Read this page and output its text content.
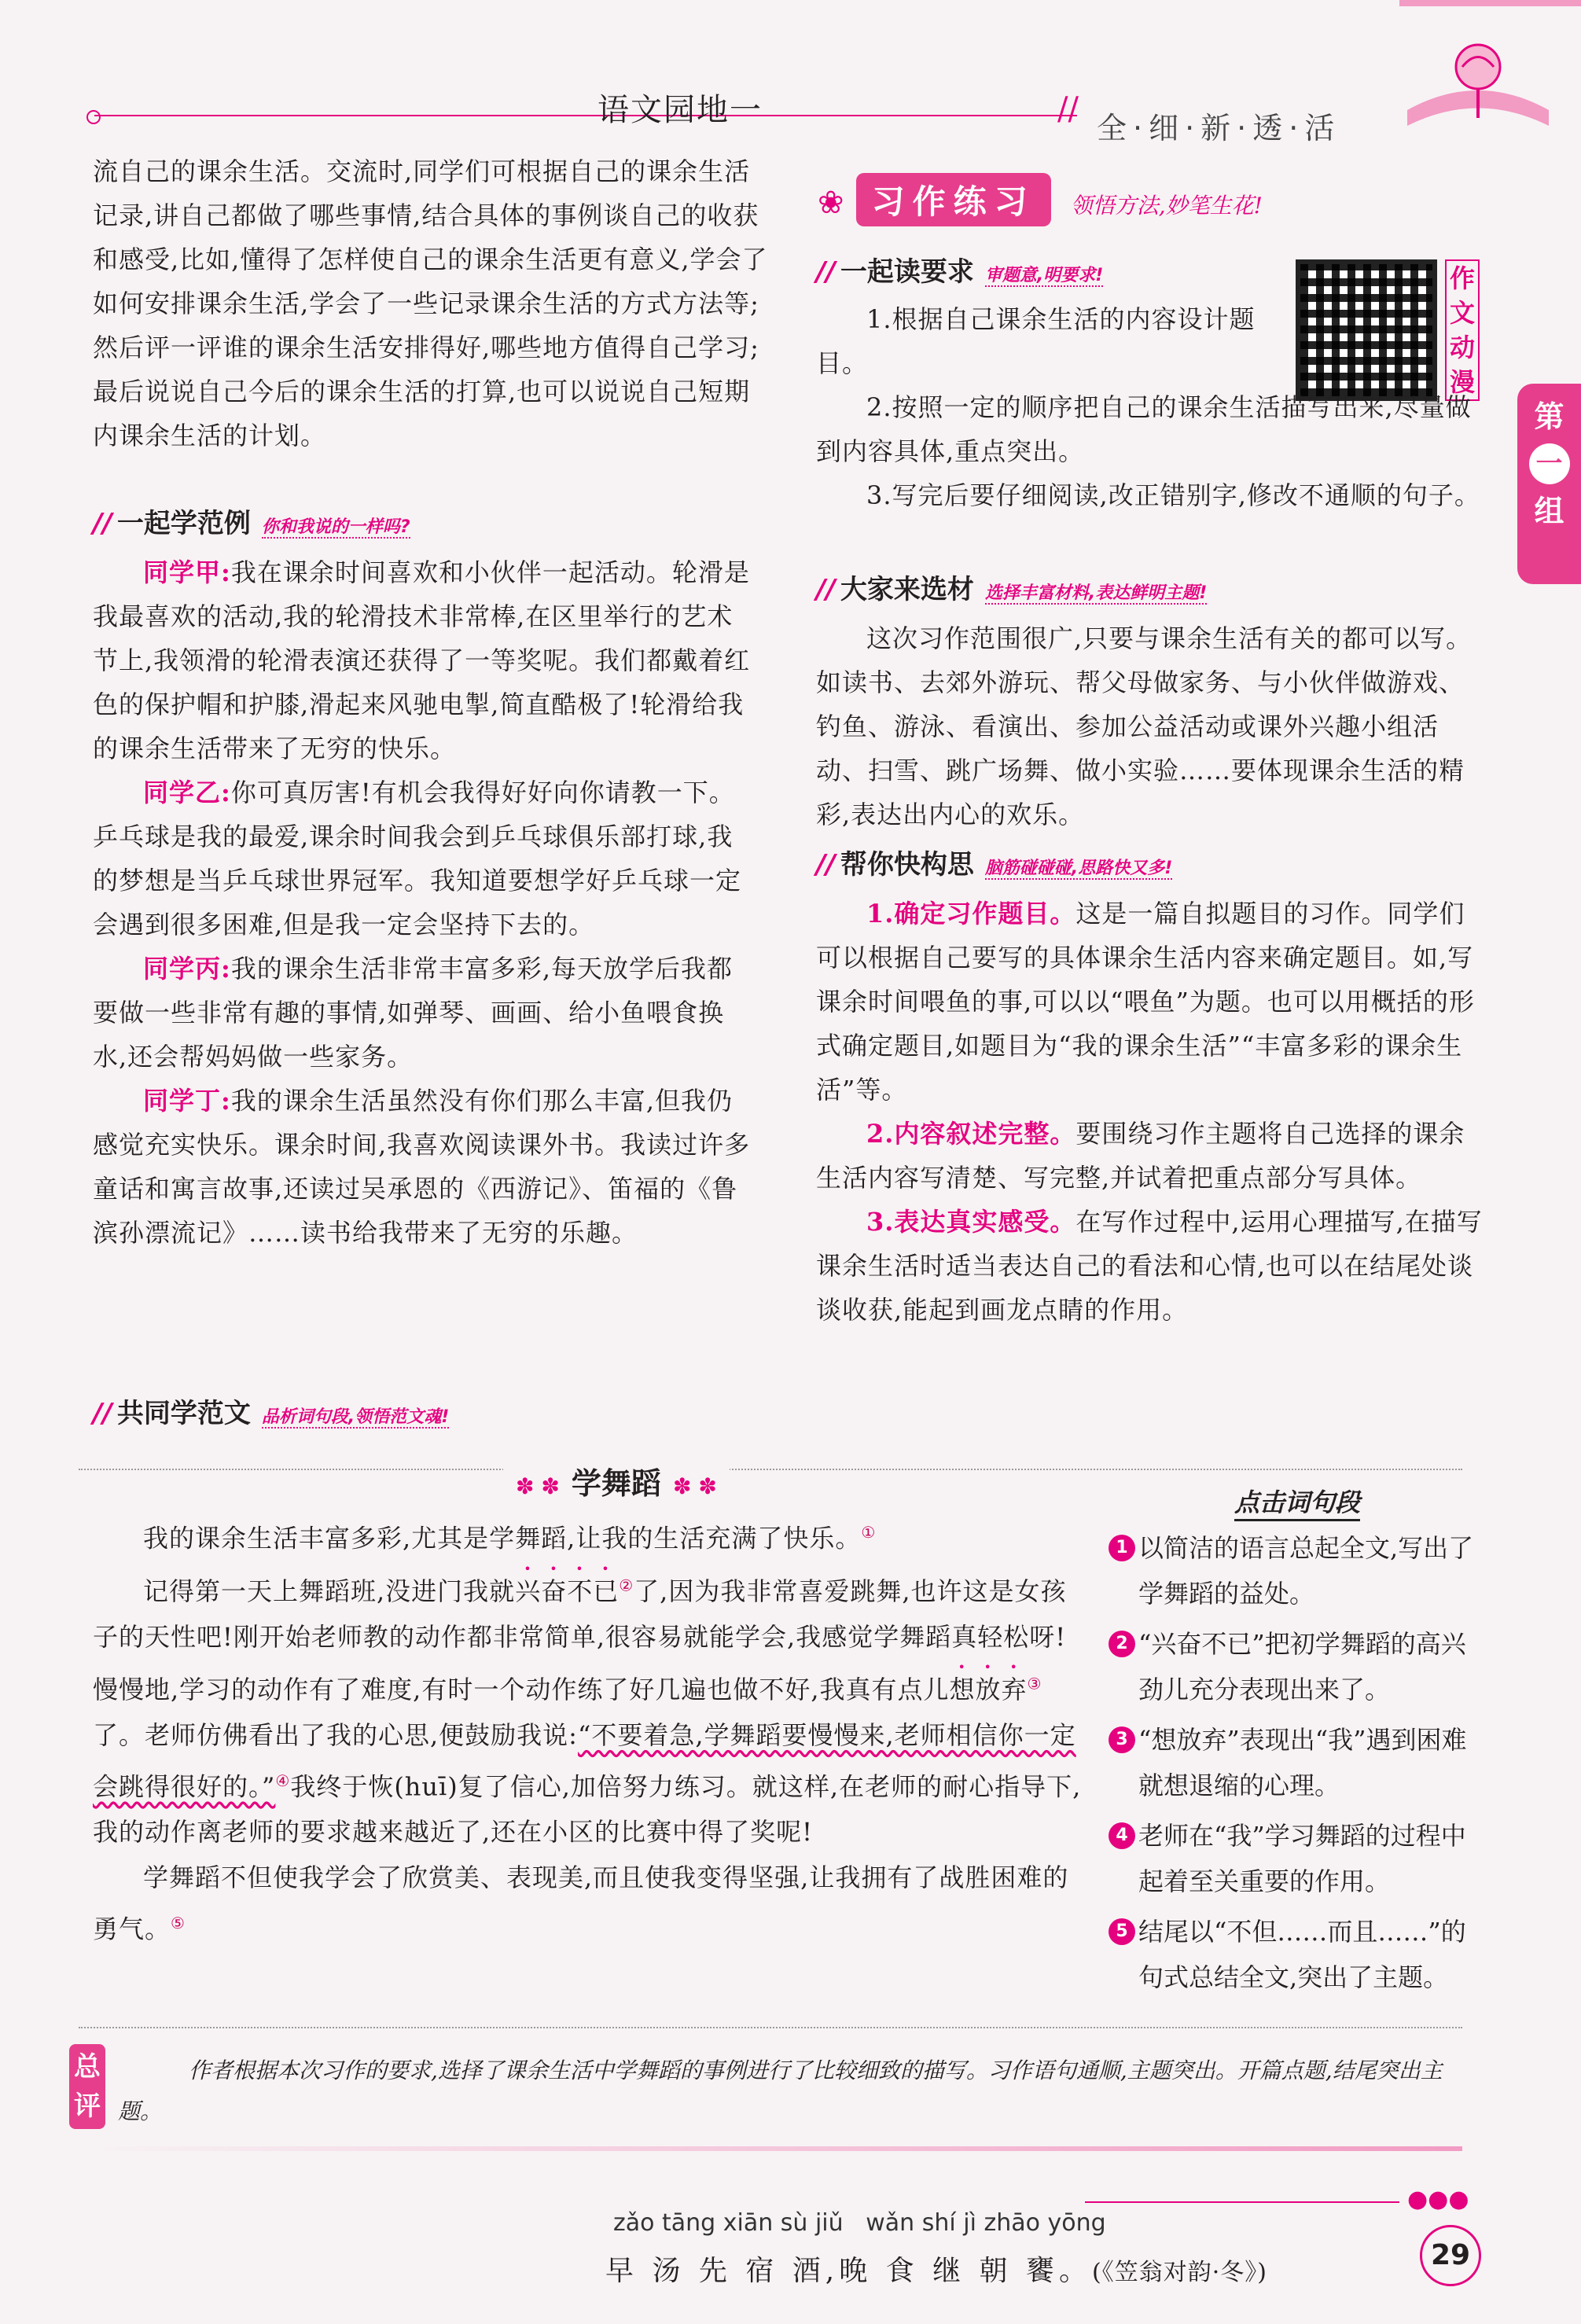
语文园地一	//
全·细·新·透·活
第
一
组
流自己的课余生活。交流时,同学们可根据自己的课余生活记录,讲自己都做了哪些事情,结合具体的事例谈自己的收获和感受,比如,懂得了怎样使自己的课余生活更有意义,学会了如何安排课余生活,学会了一些记录课余生活的方式方法等;然后评一评谁的课余生活安排得好,哪些地方值得自己学习;最后说说自己今后的课余生活的打算,也可以说说自己短期内课余生活的计划。
// 一起学范例 你和我说的一样吗?

同学甲:我在课余时间喜欢和小伙伴一起活动。轮滑是我最喜欢的活动,我的轮滑技术非常棒,在区里举行的艺术节上,我领滑的轮滑表演还获得了一等奖呢。我们都戴着红色的保护帽和护膝,滑起来风驰电掣,简直酷极了!轮滑给我的课余生活带来了无穷的快乐。

同学乙:你可真厉害!有机会我得好好向你请教一下。乒乓球是我的最爱,课余时间我会到乒乓球俱乐部打球,我的梦想是当乒乓球世界冠军。我知道要想学好乒乓球一定会遇到很多困难,但是我一定会坚持下去的。

同学丙:我的课余生活非常丰富多彩,每天放学后我都要做一些非常有趣的事情,如弹琴、画画、给小鱼喂食换水,还会帮妈妈做一些家务。

同学丁:我的课余生活虽然没有你们那么丰富,但我仍感觉充实快乐。课余时间,我喜欢阅读课外书。我读过许多童话和寓言故事,还读过吴承恩的《西游记》、笛福的《鲁滨孙漂流记》……读书给我带来了无穷的乐趣。

// 共同学范文 品析词句段,领悟范文魂!
❀ 习作练习 领悟方法,妙笔生花!
// 一起读要求 审题意,明要求!	作文动漫

1.根据自己课余生活的内容设计题目。

2.按照一定的顺序把自己的课余生活描写出来,尽量做到内容具体,重点突出。

3.写完后要仔细阅读,改正错别字,修改不通顺的句子。

// 大家来选材 选择丰富材料,表达鲜明主题!

这次习作范围很广,只要与课余生活有关的都可以写。如读书、去郊外游玩、帮父母做家务、与小伙伴做游戏、钓鱼、游泳、看演出、参加公益活动或课外兴趣小组活动、扫雪、跳广场舞、做小实验……要体现课余生活的精彩,表达出内心的欢乐。

// 帮你快构思 脑筋碰碰碰,思路快又多!

1.确定习作题目。这是一篇自拟题目的习作。同学们可以根据自己要写的具体课余生活内容来确定题目。如,写课余时间喂鱼的事,可以以“喂鱼”为题。也可以用概括的形式确定题目,如题目为“我的课余生活”“丰富多彩的课余生活”等。

2.内容叙述完整。要围绕习作主题将自己选择的课余生活内容写清楚、写完整,并试着把重点部分写具体。

3.表达真实感受。在写作过程中,运用心理描写,在描写课余生活时适当表达自己的看法和心情,也可以在结尾处谈谈收获,能起到画龙点睛的作用。

✽ ✽ 学舞蹈 ✽ ✽

我的课余生活丰富多彩,尤其是学舞蹈,让我的生活充满了快乐。①

记得第一天上舞蹈班,没进门我就兴奋不已②了,因为我非常喜爱跳舞,也许这是女孩子的天性吧!刚开始老师教的动作都非常简单,很容易就能学会,我感觉学舞蹈真轻松呀!慢慢地,学习的动作有了难度,有时一个动作练了好几遍也做不好,我真有点儿想放弃③了。老师仿佛看出了我的心思,便鼓励我说:“不要着急,学舞蹈要慢慢来,老师相信你一定会跳得很好的。”④我终于恢(huī)复了信心,加倍努力练习。就这样,在老师的耐心指导下,我的动作离老师的要求越来越近了,还在小区的比赛中得了奖呢!

学舞蹈不但使我学会了欣赏美、表现美,而且使我变得坚强,让我拥有了战胜困难的勇气。⑤

点击词句段
1 以简洁的语言总起全文,写出了学舞蹈的益处。
2 “兴奋不已”把初学舞蹈的高兴劲儿充分表现出来了。
3 “想放弃”表现出“我”遇到困难就想退缩的心理。
4 老师在“我”学习舞蹈的过程中起着至关重要的作用。
5 结尾以“不但……而且……”的句式总结全文,突出了主题。
总评
作者根据本次习作的要求,选择了课余生活中学舞蹈的事例进行了比较细致的描写。习作语句通顺,主题突出。开篇点题,结尾突出主题。
zǎo tāng xiān sù jiǔ   wǎn shí jì zhāo yōng
早 汤 先 宿 酒,晚 食 继 朝 饔。(《笠翁对韵·冬》)
●●●
29
